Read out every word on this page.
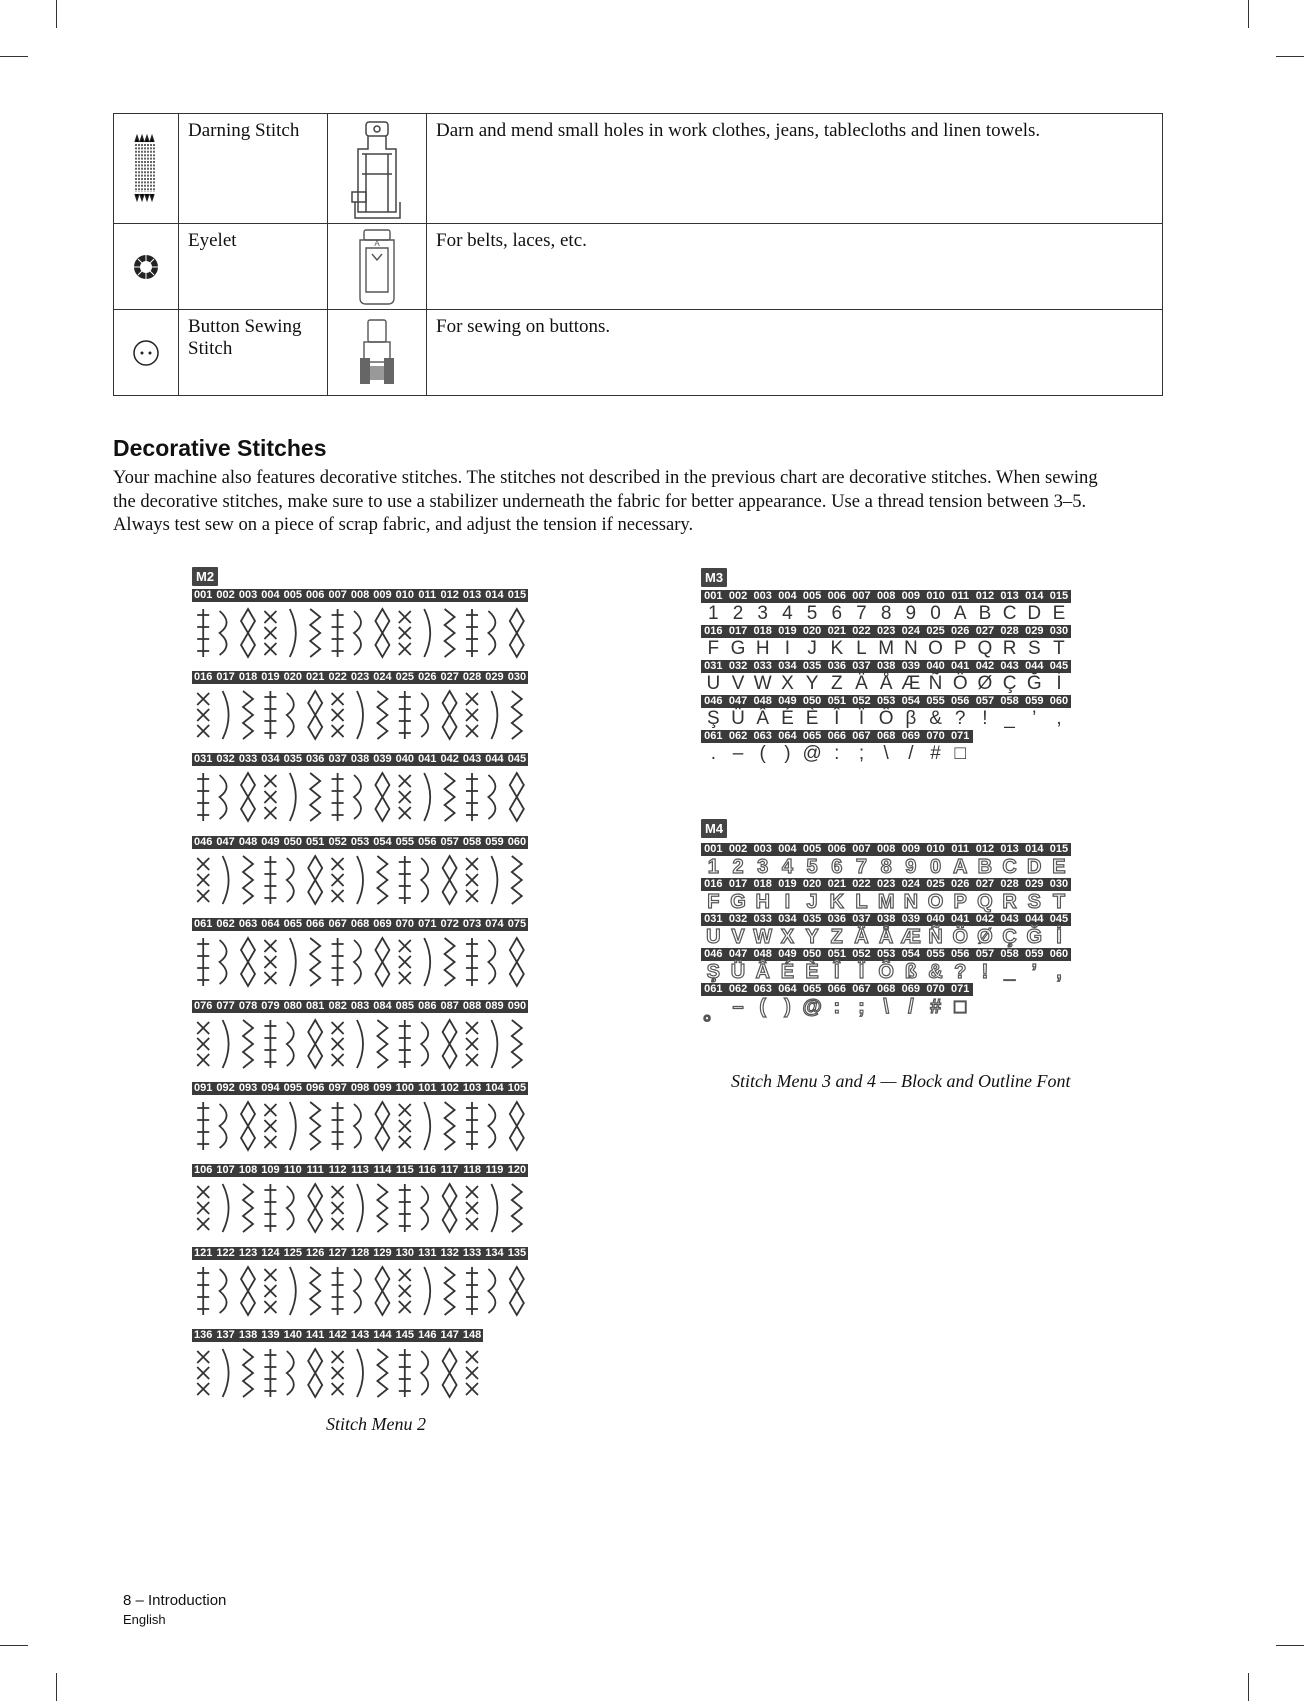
	Darning Stitch		Darn and mend small holes in work clothes, jeans, tablecloths and linen towels.

	Eyelet	A	For belts, laces, etc.

	Button Sewing Stitch		For sewing on buttons.
Decorative Stitches

Your machine also features decorative stitches. The stitches not described in the previous chart are decorative stitches. When sewing the decorative stitches, make sure to use a stabilizer underneath the fabric for better appearance. Use a thread tension between 3–5. Always test sew on a piece of scrap fabric, and adjust the tension if necessary.

M2

Stitch Menu 2

M3
M4

Stitch Menu 3 and 4 — Block and Outline Font

8 – Introduction

English

001 002 003 004 005 006 007 008 009 010 011 012 013 014 015
016 017 018 019 020 021 022 023 024 025 026 027 028 029 030
031 032 033 034 035 036 037 038 039 040 041 042 043 044 045
046 047 048 049 050 051 052 053 054 055 056 057 058 059 060
061 062 063 064 065 066 067 068 069 070 071 072 073 074 075
076 077 078 079 080 081 082 083 084 085 086 087 088 089 090
091 092 093 094 095 096 097 098 099 100 101 102 103 104 105
106 107 108 109 110 111 112 113 114 115 116 117 118 119 120
121 122 123 124 125 126 127 128 129 130 131 132 133 134 135
136 137 138 139 140 141 142 143 144 145 146 147 148
001 002 003 004 005 006 007 008 009 010 011 012 013 014 015
1 2 3 4 5 6 7 8 9 0 A B C D E
016 017 018 019 020 021 022 023 024 025 026 027 028 029 030
F G H I J K L M N O P Q R S T
031 032 033 034 035 036 037 038 039 040 041 042 043 044 045
U V W X Y Z Ä Å Æ Ñ Ö Ø Ç Ğ İ
046 047 048 049 050 051 052 053 054 055 056 057 058 059 060
Ş Ü Â É È Î	Ï Ô β & ? ! _ ’	,
061 062 063 064 065 066 067 068 069 070 071
. – ( ) @ :	;	\	/ # □
001 002 003 004 005 006 007 008 009 010 011 012 013 014 015
1 2 3 4 5 6 7 8 9 0 A B C D E
016 017 018 019 020 021 022 023 024 025 026 027 028 029 030
F G H I J K L M N O P Q R S T
031 032 033 034 035 036 037 038 039 040 041 042 043 044 045
U V W X Y Z Ä Å Æ Ñ Ö Ø Ç Ğ İ
046 047 048 049 050 051 052 053 054 055 056 057 058 059 060
Ş Ü Â É È Î Ï Ô ß & ? ! _ ’ ,
061 062 063 064 065 066 067 068 069 070 071
。 – ( ) @ : ; \ / # □
